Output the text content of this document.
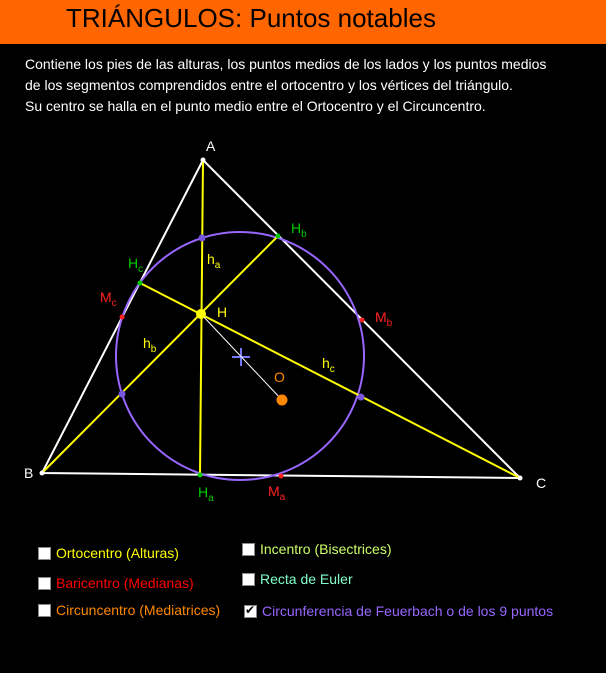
TRIÁNGULOS: Puntos notables
Contiene los pies de las alturas, los puntos medios de los lados y los puntos medios
de los segmentos comprendidos entre el ortocentro y los vértices del triángulo.
Su centro se halla en el punto medio entre el Ortocentro y el Circuncentro.
A
B
C
H
O
$h_a$
$h_b$
$h_c$
$H_a$
$H_b$
$H_c$
$M_a$
$M_b$
$M_c$
Ortocentro (Alturas)
Baricentro (Medianas)
Circuncentro (Mediatrices)
Incentro (Bisectrices)
Recta de Euler
✔
Circunferencia de Feuerbach o de los 9 puntos
